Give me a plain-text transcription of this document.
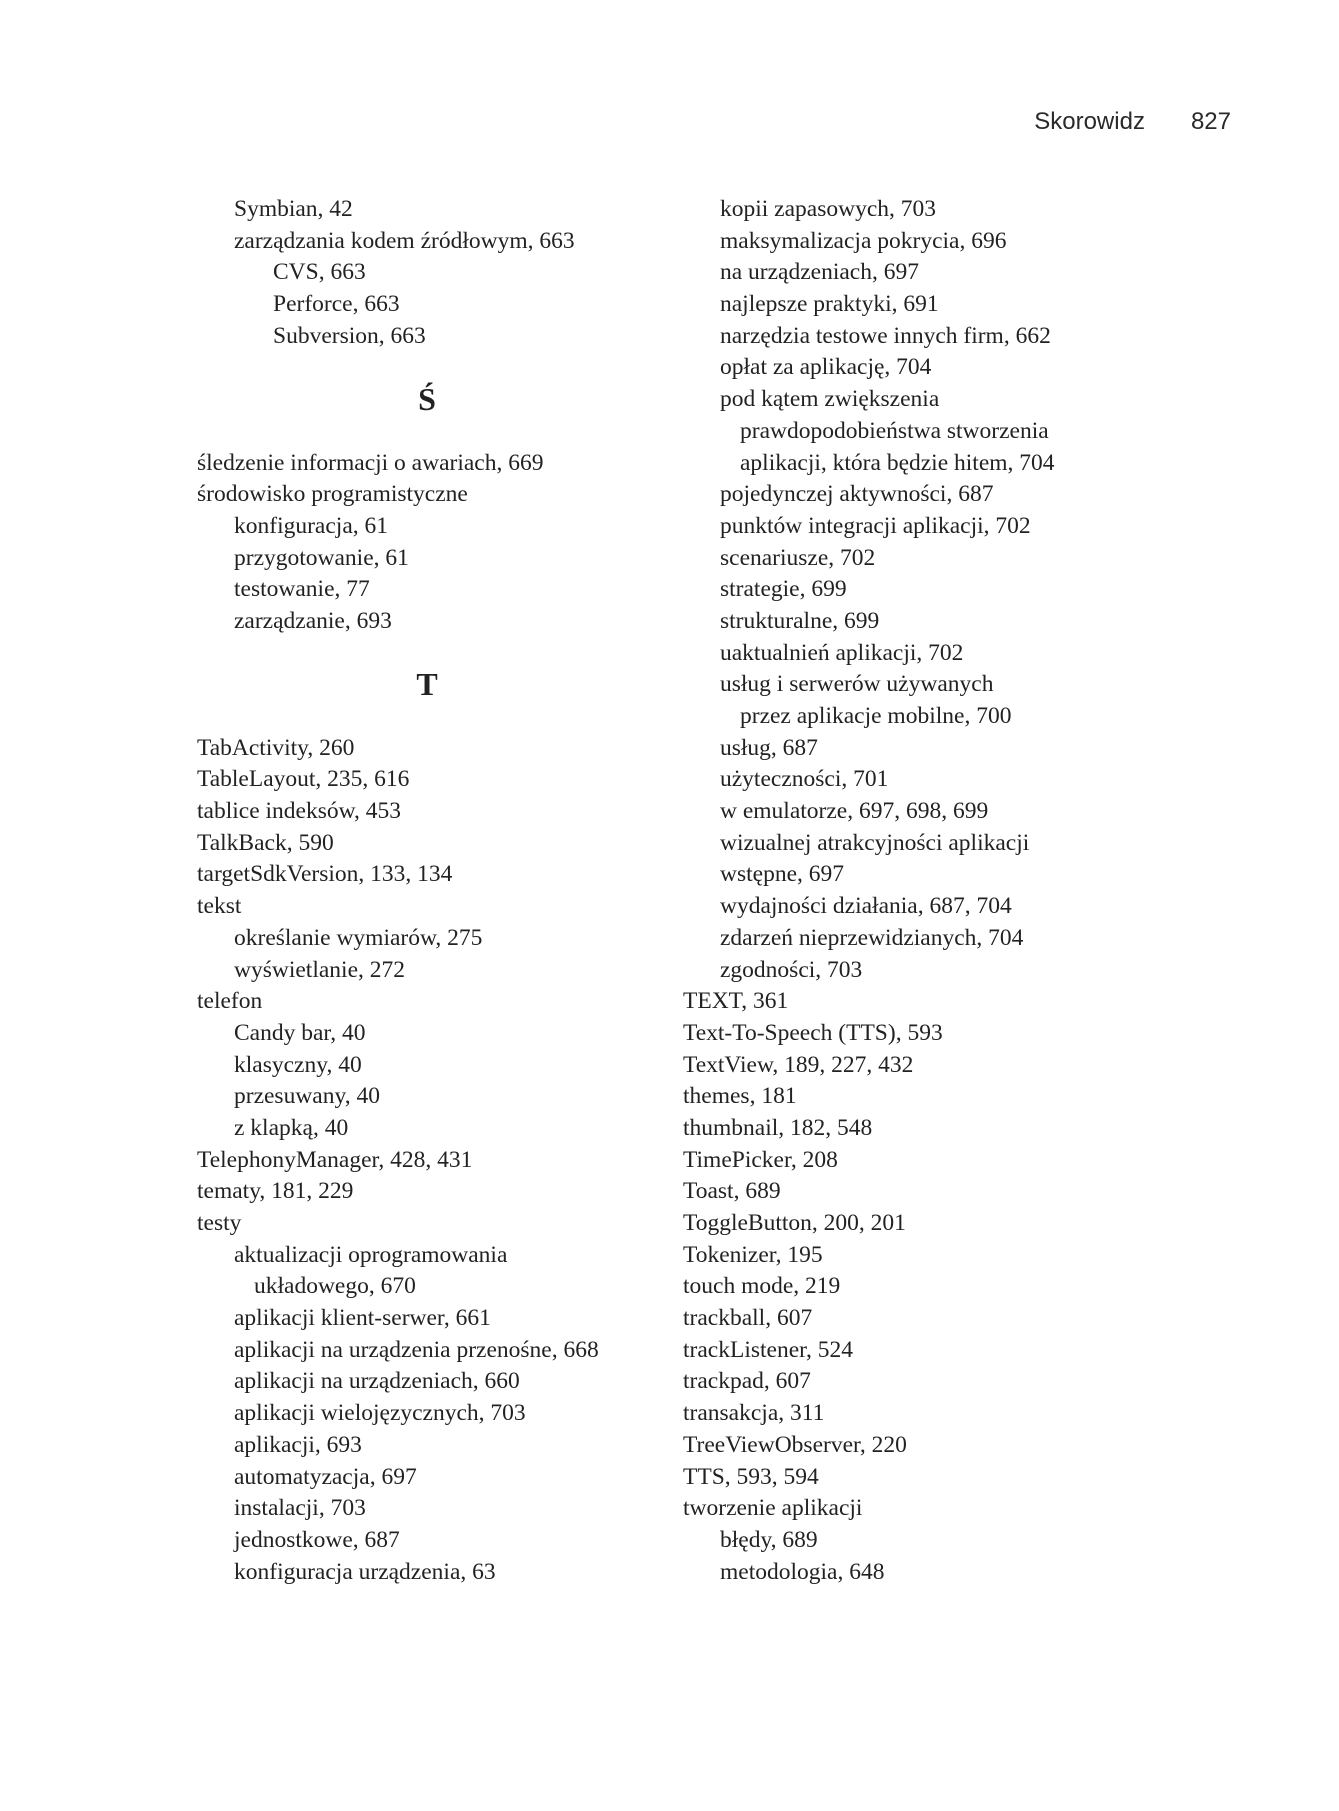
Skorowidz 827
Symbian, 42
zarządzania kodem źródłowym, 663
CVS, 663
Perforce, 663
Subversion, 663
Ś
śledzenie informacji o awariach, 669
środowisko programistyczne
konfiguracja, 61
przygotowanie, 61
testowanie, 77
zarządzanie, 693
T
TabActivity, 260
TableLayout, 235, 616
tablice indeksów, 453
TalkBack, 590
targetSdkVersion, 133, 134
tekst
określanie wymiarów, 275
wyświetlanie, 272
telefon
Candy bar, 40
klasyczny, 40
przesuwany, 40
z klapką, 40
TelephonyManager, 428, 431
tematy, 181, 229
testy
aktualizacji oprogramowania
układowego, 670
aplikacji klient-serwer, 661
aplikacji na urządzenia przenośne, 668
aplikacji na urządzeniach, 660
aplikacji wielojęzycznych, 703
aplikacji, 693
automatyzacja, 697
instalacji, 703
jednostkowe, 687
konfiguracja urządzenia, 63
kopii zapasowych, 703
maksymalizacja pokrycia, 696
na urządzeniach, 697
najlepsze praktyki, 691
narzędzia testowe innych firm, 662
opłat za aplikację, 704
pod kątem zwiększenia
prawdopodobieństwa stworzenia
aplikacji, która będzie hitem, 704
pojedynczej aktywności, 687
punktów integracji aplikacji, 702
scenariusze, 702
strategie, 699
strukturalne, 699
uaktualnień aplikacji, 702
usług i serwerów używanych
przez aplikacje mobilne, 700
usług, 687
użyteczności, 701
w emulatorze, 697, 698, 699
wizualnej atrakcyjności aplikacji
wstępne, 697
wydajności działania, 687, 704
zdarzeń nieprzewidzianych, 704
zgodności, 703
TEXT, 361
Text-To-Speech (TTS), 593
TextView, 189, 227, 432
themes, 181
thumbnail, 182, 548
TimePicker, 208
Toast, 689
ToggleButton, 200, 201
Tokenizer, 195
touch mode, 219
trackball, 607
trackListener, 524
trackpad, 607
transakcja, 311
TreeViewObserver, 220
TTS, 593, 594
tworzenie aplikacji
błędy, 689
metodologia, 648
